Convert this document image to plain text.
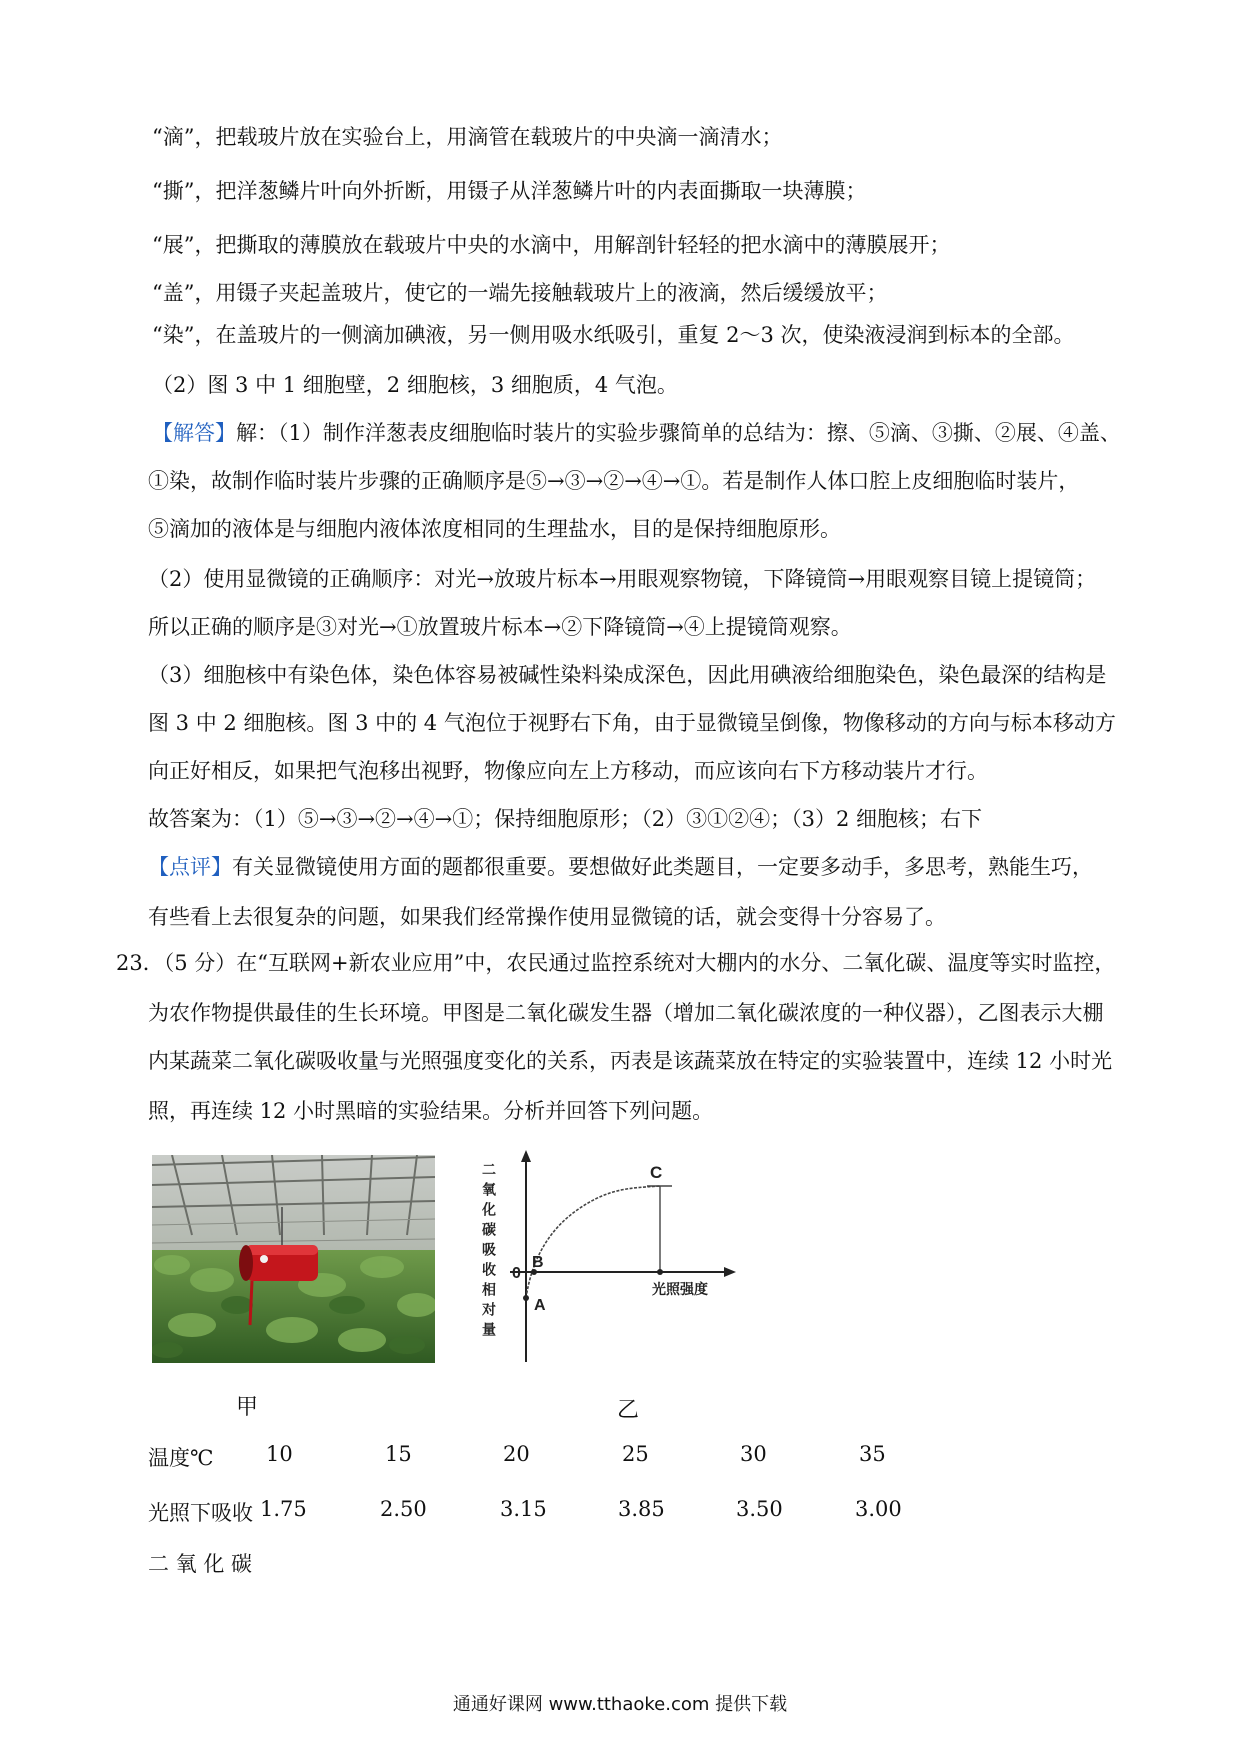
“滴”，把载玻片放在实验台上，用滴管在载玻片的中央滴一滴清水；
“撕”，把洋葱鳞片叶向外折断，用镊子从洋葱鳞片叶的内表面撕取一块薄膜；
“展”，把撕取的薄膜放在载玻片中央的水滴中，用解剖针轻轻的把水滴中的薄膜展开；
“盖”，用镊子夹起盖玻片，使它的一端先接触载玻片上的液滴，然后缓缓放平；
“染”，在盖玻片的一侧滴加碘液，另一侧用吸水纸吸引，重复 2～3 次，使染液浸润到标本的全部。
（2）图 3 中 1 细胞壁，2 细胞核，3 细胞质，4 气泡。
【解答】解：（1）制作洋葱表皮细胞临时装片的实验步骤简单的总结为：擦、⑤滴、③撕、②展、④盖、
①染，故制作临时装片步骤的正确顺序是⑤→③→②→④→①。若是制作人体口腔上皮细胞临时装片，
⑤滴加的液体是与细胞内液体浓度相同的生理盐水，目的是保持细胞原形。
（2）使用显微镜的正确顺序：对光→放玻片标本→用眼观察物镜，下降镜筒→用眼观察目镜上提镜筒；
所以正确的顺序是③对光→①放置玻片标本→②下降镜筒→④上提镜筒观察。
（3）细胞核中有染色体，染色体容易被碱性染料染成深色，因此用碘液给细胞染色，染色最深的结构是
图 3 中 2 细胞核。图 3 中的 4 气泡位于视野右下角，由于显微镜呈倒像，物像移动的方向与标本移动方
向正好相反，如果把气泡移出视野，物像应向左上方移动，而应该向右下方移动装片才行。
故答案为：（1）⑤→③→②→④→①；保持细胞原形；（2）③①②④；（3）2 细胞核；右下
【点评】有关显微镜使用方面的题都很重要。要想做好此类题目，一定要多动手，多思考，熟能生巧，
有些看上去很复杂的问题，如果我们经常操作使用显微镜的话，就会变得十分容易了。
23．（5 分）在“互联网+新农业应用”中，农民通过监控系统对大棚内的水分、二氧化碳、温度等实时监控，
为农作物提供最佳的生长环境。甲图是二氧化碳发生器（增加二氧化碳浓度的一种仪器），乙图表示大棚
内某蔬菜二氧化碳吸收量与光照强度变化的关系，丙表是该蔬菜放在特定的实验装置中，连续 12 小时光
照，再连续 12 小时黑暗的实验结果。分析并回答下列问题。
C
B
A
0
光照强度
二氧化碳吸收相对量
甲	乙
温度℃	10	15	20	25	30	35
光照下吸收 1.75	2.50	3.15	3.85	3.50	3.00
二 氧 化 碳
通通好课网 www.tthaoke.com 提供下载
